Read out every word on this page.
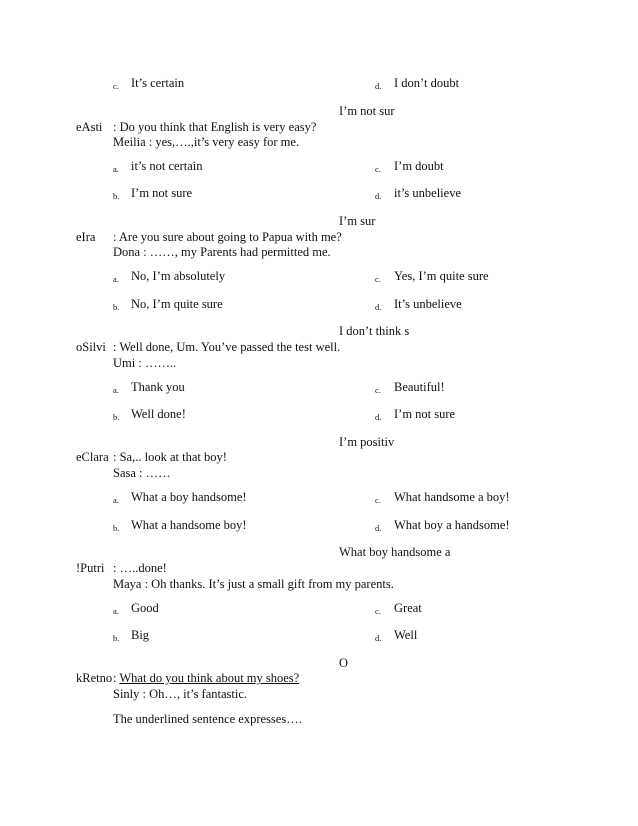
c. It’s certain	d. I don’t doubt
I’m not sur
eAsti : Do you think that English is very easy?
Meilia : yes,….,it’s very easy for me.
a. it’s not certain	c. I’m doubt
b. I’m not sure	d. it’s unbelieve
I’m sur
eIra : Are you sure about going to Papua with me?
Dona : ……, my Parents had permitted me.
a. No, I’m absolutely	c. Yes, I’m quite sure
b. No, I’m quite sure	d. It’s unbelieve
I don’t think s
oSilvi : Well done, Um. You’ve passed the test well.
Umi : ……..
a. Thank you	c. Beautiful!
b. Well done!	d. I’m not sure
I’m positiv
eClara : Sa,.. look at that boy!
Sasa : ……
a. What a boy handsome!	c. What handsome a boy!
b. What a handsome boy!	d. What boy a handsome!
What boy handsome a
!Putri : …..done!
Maya : Oh thanks. It’s just a small gift from my parents.
a. Good	c. Great
b. Big	d. Well
O
kRetno : What do you think about my shoes?
Sinly : Oh…, it’s fantastic.
The underlined sentence expresses….
